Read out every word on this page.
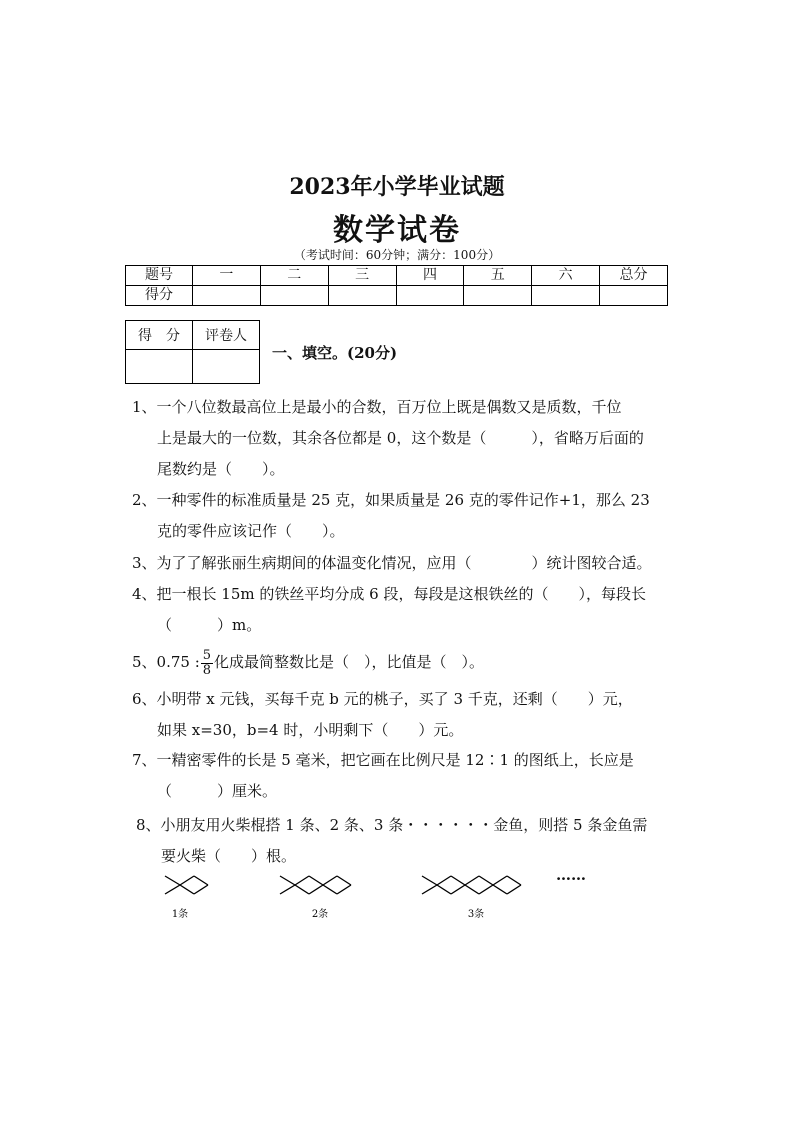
2023年小学毕业试题
数学试卷
（考试时间：60分钟；满分：100分）
题号	一	二	三	四	五	六	总分
得分							
得　分	评卷人

一、填空。(20分)
1、一个八位数最高位上是最小的合数，百万位上既是偶数又是质数，千位
上是最大的一位数，其余各位都是 0，这个数是（　　　），省略万后面的
尾数约是（　　）。
2、一种零件的标准质量是 25 克，如果质量是 26 克的零件记作+1，那么 23
克的零件应该记作（　　）。
3、为了了解张丽生病期间的体温变化情况，应用（　　　　）统计图较合适。
4、把一根长 15m 的铁丝平均分成 6 段，每段是这根铁丝的（　　），每段长
（　　　）m。
5、0.75 : $\frac{5}{8}$ 化成最简整数比是（　），比值是（　）。
6、小明带 x 元钱，买每千克 b 元的桃子，买了 3 千克，还剩（　　）元，
如果 x=30，b=4 时，小明剩下（　　）元。
7、一精密零件的长是 5 毫米，把它画在比例尺是 12∶1 的图纸上，长应是
（　　　）厘米。
8、小朋友用火柴棍搭 1 条、2 条、3 条・・・・・・金鱼，则搭 5 条金鱼需
要火柴（　　）根。
1条	2条	3条
……
